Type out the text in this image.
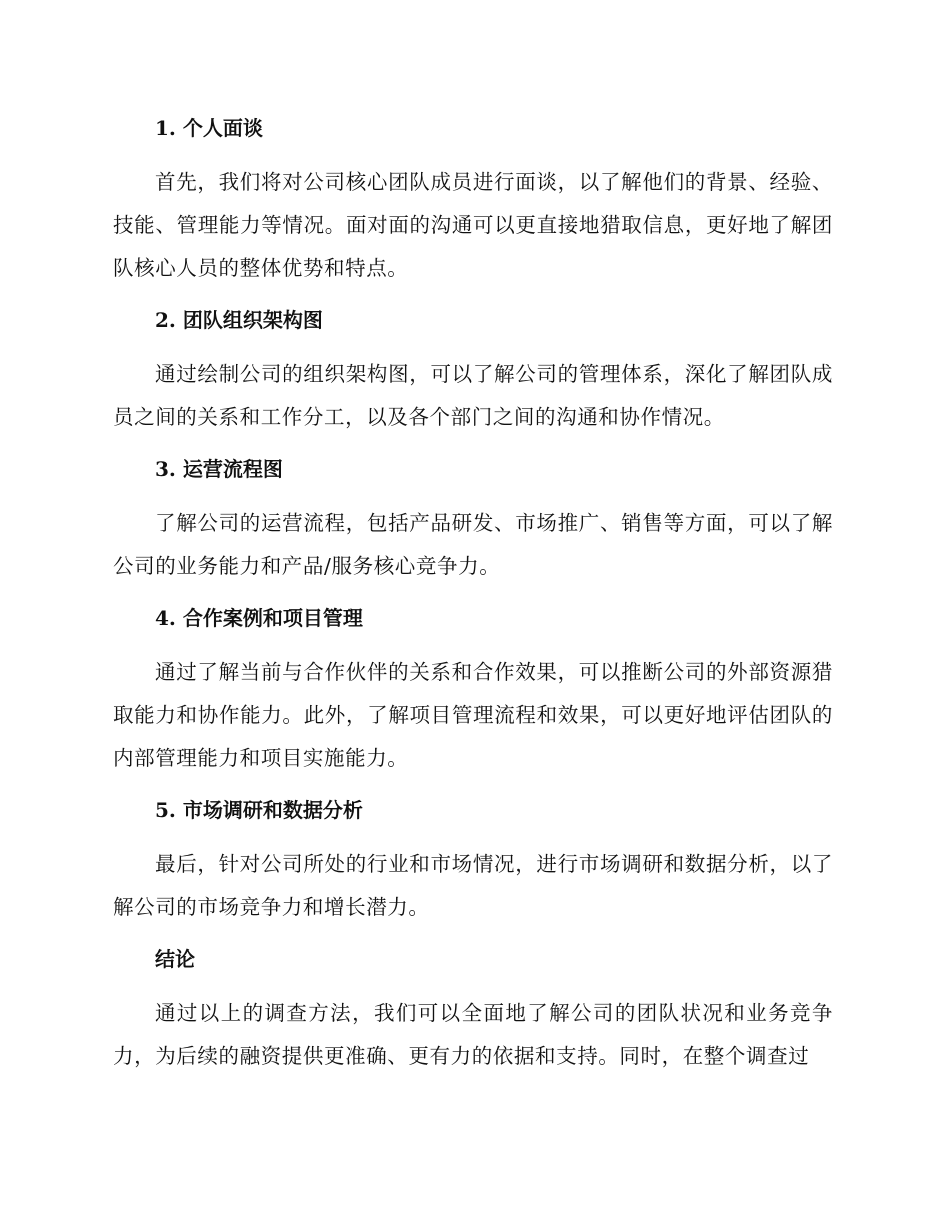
1. 个人面谈

首先，我们将对公司核心团队成员进行面谈，以了解他们的背景、经验、技能、管理能力等情况。面对面的沟通可以更直接地猎取信息，更好地了解团队核心人员的整体优势和特点。

2. 团队组织架构图

通过绘制公司的组织架构图，可以了解公司的管理体系，深化了解团队成员之间的关系和工作分工，以及各个部门之间的沟通和协作情况。

3. 运营流程图

了解公司的运营流程，包括产品研发、市场推广、销售等方面，可以了解公司的业务能力和产品/服务核心竞争力。

4. 合作案例和项目管理

通过了解当前与合作伙伴的关系和合作效果，可以推断公司的外部资源猎取能力和协作能力。此外，了解项目管理流程和效果，可以更好地评估团队的内部管理能力和项目实施能力。

5. 市场调研和数据分析

最后，针对公司所处的行业和市场情况，进行市场调研和数据分析，以了解公司的市场竞争力和增长潜力。

结论

通过以上的调查方法，我们可以全面地了解公司的团队状况和业务竞争力，为后续的融资提供更准确、更有力的依据和支持。同时，在整个调查过
